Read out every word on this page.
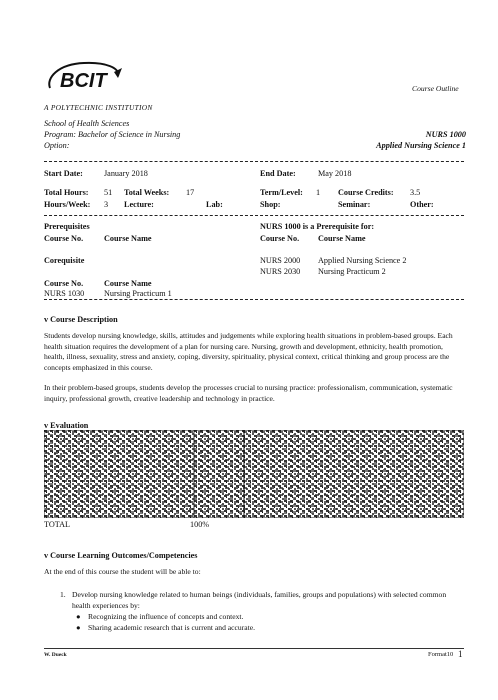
BCIT
A POLYTECHNIC INSTITUTION
Course Outline
School of Health Sciences
Program: Bachelor of Science in Nursing
Option:
NURS 1000
Applied Nursing Science 1
Start Date:	January 2018	End Date:	May 2018
Total Hours: 51 Total Weeks: 17	Term/Level: 1 Course Credits: 3.5
Hours/Week: 3 Lecture:	Lab:	Shop:	Seminar:	Other:
Prerequisites	NURS 1000 is a Prerequisite for:
Course No.	Course Name	Course No. Course Name
Corequisite	NURS 2000 Applied Nursing Science 2
NURS 2030 Nursing Practicum 2
Course No.	Course Name
NURS 1030 Nursing Practicum 1
v Course Description
Students develop nursing knowledge, skills, attitudes and judgements while exploring health situations in problem-based groups. Each health situation requires the development of a plan for nursing care. Nursing, growth and development, ethnicity, health promotion, health, illness, sexuality, stress and anxiety, coping, diversity, spirituality, physical context, critical thinking and group process are the concepts emphasized in this course.
In their problem-based groups, students develop the processes crucial to nursing practice: professionalism, communication, systematic inquiry, professional growth, creative leadership and technology in practice.
v Evaluation
TOTAL	100%
v Course Learning Outcomes/Competencies
At the end of this course the student will be able to:
1. Develop nursing knowledge related to human beings (individuals, families, groups and populations) with selected common health experiences by:
● Recognizing the influence of concepts and context.
● Sharing academic research that is current and accurate.
W. Dueck	Format10 1
